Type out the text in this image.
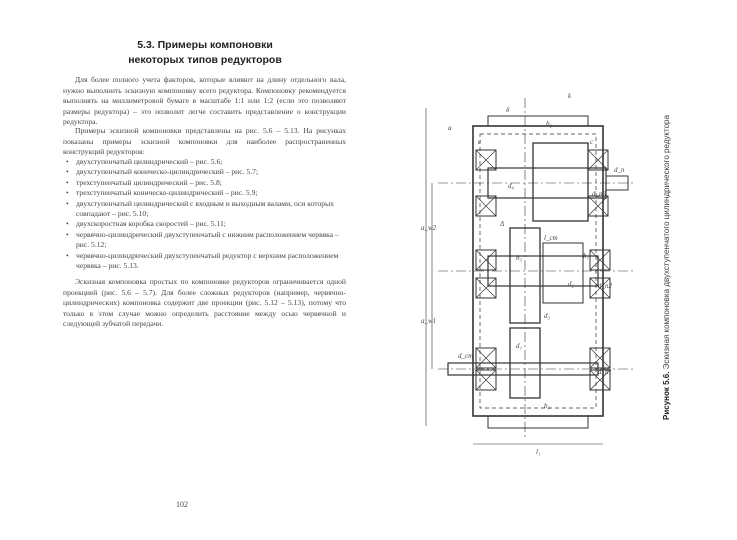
5.3. Примеры компоновки
некоторых типов редукторов
Для более полного учета факторов, которые влияют на длину отдельного вала, нужно выполнить эскизную компоновку всего редуктора. Компоновку рекомендуется выполнять на миллиметровой бумаге в масштабе 1:1 или 1:2 (если это позволяют размеры редуктора) – это позволит легче составить представление о конструкции редуктора.
Примеры эскизной компоновки представлены на рис. 5.6 – 5.13. На рисунках показаны примеры эскизной компоновки для наиболее распространенных конструкций редукторов:
• двухступенчатый цилиндрический – рис. 5.6;
• двухступенчатый коническо-цилиндрический – рис. 5.7;
• трехступенчатый цилиндрический – рис. 5.8;
• трехступенчатый коническо-цилиндрический – рис. 5.9;
• двухступенчатый цилиндрический с входным и выходным валами, оси которых совпадают – рис. 5.10;
• двухскоростная коробка скоростей – рис. 5.11;
• червячно-цилиндрический двухступенчатый с нижним расположением червяка – рис. 5.12;
• червячно-цилиндрический двухступенчатый редуктор с верхним расположением червяка – рис. 5.13.
Эскизная компоновка простых по компоновке редукторов ограничивается одной проекцией (рис. 5.6 – 5.7). Для более сложных редукторов (например, червячно-цилиндрических) компоновка содержит две проекции (рис. 5.12 – 5.13), потому что только в этом случае можно определить расстояние между осью червячной и следующей зубчатой передачи.
102
a_w2
a_w1
l₁
a
δ
k
b₂
c	c
d₄
d_п3
d_п
Δ
l_ст
b₃	b₁
d_п2
d₃
d₂
d_ст
d_п1
b₄
d₁
Рисунок 5.6. Эскизная компоновка двухступенчатого цилиндрического редуктора
